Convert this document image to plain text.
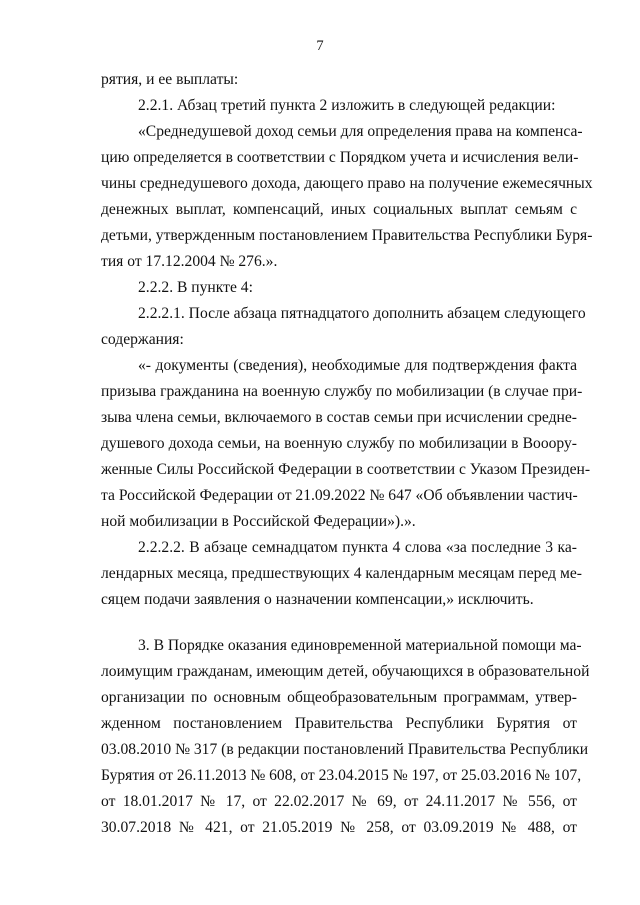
7
рятия, и ее выплаты:
2.2.1. Абзац третий пункта 2 изложить в следующей редакции:
«Среднедушевой доход семьи для определения права на компенса-
цию определяется в соответствии с Порядком учета и исчисления вели-
чины среднедушевого дохода, дающего право на получение ежемесячных
денежных выплат, компенсаций, иных социальных выплат семьям с
детьми, утвержденным постановлением Правительства Республики Буря-
тия от 17.12.2004 № 276.».
2.2.2. В пункте 4:
2.2.2.1. После абзаца пятнадцатого дополнить абзацем следующего
содержания:
«- документы (сведения), необходимые для подтверждения факта
призыва гражданина на военную службу по мобилизации (в случае при-
зыва члена семьи, включаемого в состав семьи при исчислении средне-
душевого дохода семьи, на военную службу по мобилизации в Вооору-
женные Силы Российской Федерации в соответствии с Указом Президен-
та Российской Федерации от 21.09.2022 № 647 «Об объявлении частич-
ной мобилизации в Российской Федерации»).».
2.2.2.2. В абзаце семнадцатом пункта 4 слова «за последние 3 ка-
лендарных месяца, предшествующих 4 календарным месяцам перед ме-
сяцем подачи заявления о назначении компенсации,» исключить.
3. В Порядке оказания единовременной материальной помощи ма-
лоимущим гражданам, имеющим детей, обучающихся в образовательной
организации по основным общеобразовательным программам, утвер-
жденном постановлением Правительства Республики Бурятия от
03.08.2010 № 317 (в редакции постановлений Правительства Республики
Бурятия от 26.11.2013 № 608, от 23.04.2015 № 197, от 25.03.2016 № 107,
от 18.01.2017 № 17, от 22.02.2017 № 69, от 24.11.2017 № 556, от
30.07.2018 № 421, от 21.05.2019 № 258, от 03.09.2019 № 488, от
